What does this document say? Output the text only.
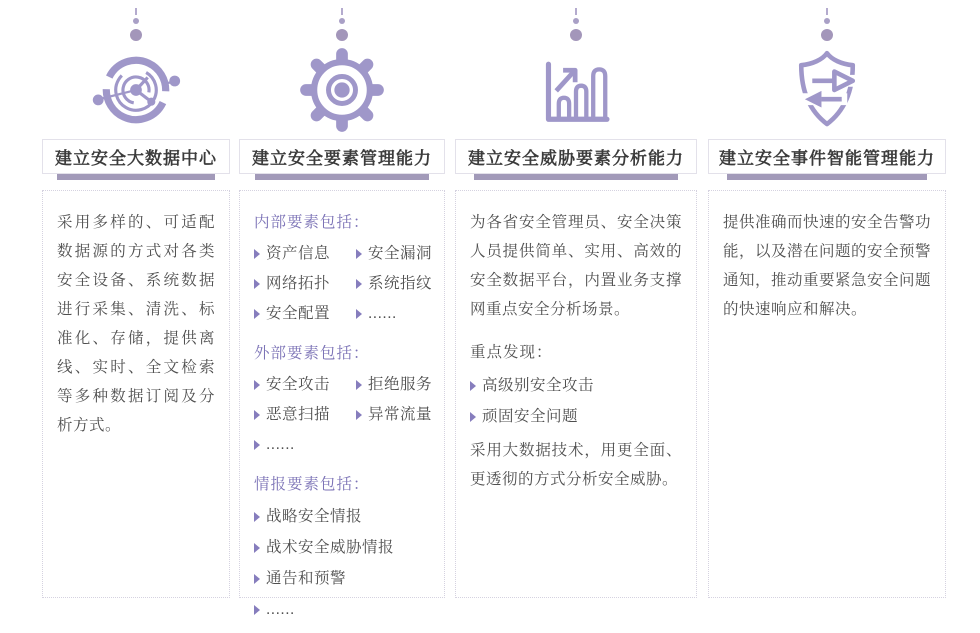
建立安全大数据中心

采用多样的、可适配数据源的方式对各类安全设备、系统数据进行采集、清洗、标准化、存储，提供离线、实时、全文检索等多种数据订阅及分析方式。

建立安全要素管理能力
内部要素包括：
资产信息 安全漏洞
网络拓扑 系统指纹
安全配置 ......
外部要素包括：
安全攻击 拒绝服务
恶意扫描 异常流量
......
情报要素包括：
战略安全情报
战术安全威胁情报
通告和预警
......
建立安全威胁要素分析能力

为各省安全管理员、安全决策人员提供简单、实用、高效的安全数据平台，内置业务支撑网重点安全分析场景。

重点发现：
高级别安全攻击
顽固安全问题

采用大数据技术，用更全面、更透彻的方式分析安全威胁。

建立安全事件智能管理能力

提供准确而快速的安全告警功能，以及潜在问题的安全预警通知，推动重要紧急安全问题的快速响应和解决。
